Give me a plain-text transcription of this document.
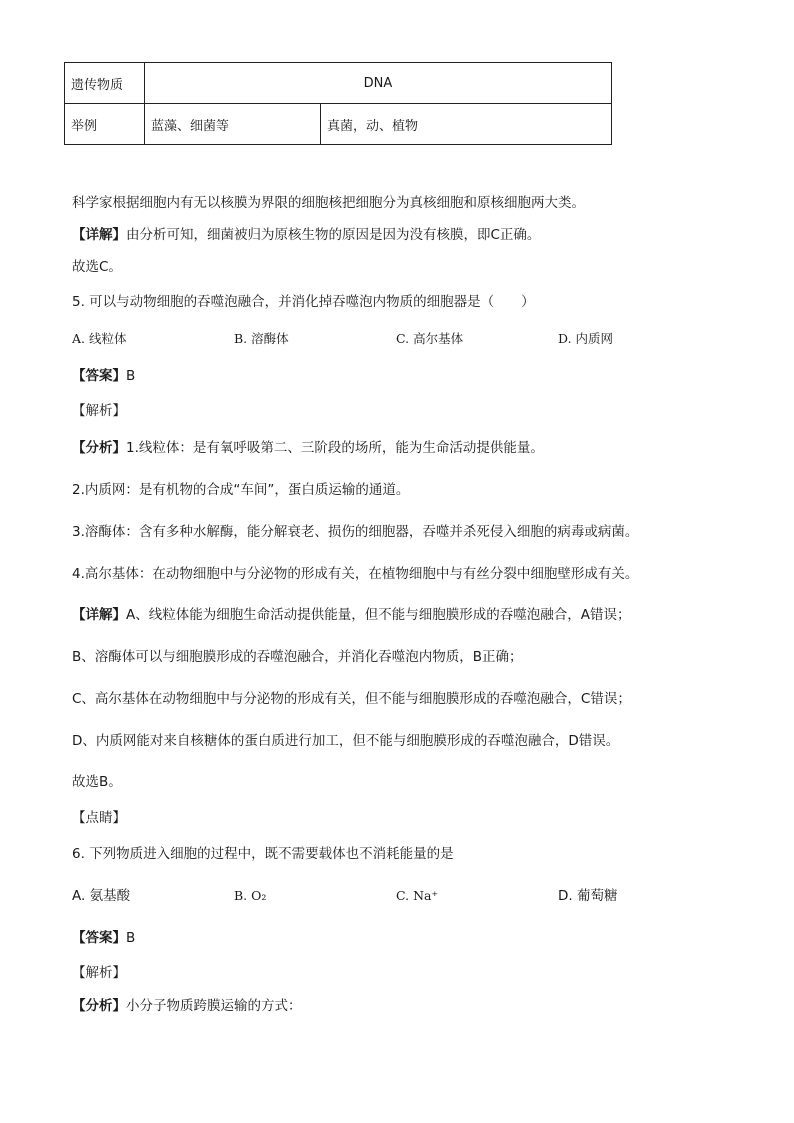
遗传物质	DNA	
举例	蓝藻、细菌等	真菌，动、植物
科学家根据细胞内有无以核膜为界限的细胞核把细胞分为真核细胞和原核细胞两大类。
【详解】由分析可知，细菌被归为原核生物的原因是因为没有核膜，即C正确。
故选C。
5. 可以与动物细胞的吞噬泡融合，并消化掉吞噬泡内物质的细胞器是（　　）
A. 线粒体	B. 溶酶体	C. 高尔基体	D. 内质网
【答案】B
【解析】
【分析】1.线粒体：是有氧呼吸第二、三阶段的场所，能为生命活动提供能量。
2.内质网：是有机物的合成“车间”，蛋白质运输的通道。
3.溶酶体：含有多种水解酶，能分解衰老、损伤的细胞器，吞噬并杀死侵入细胞的病毒或病菌。
4.高尔基体：在动物细胞中与分泌物的形成有关，在植物细胞中与有丝分裂中细胞壁形成有关。
【详解】A、线粒体能为细胞生命活动提供能量，但不能与细胞膜形成的吞噬泡融合，A错误；
B、溶酶体可以与细胞膜形成的吞噬泡融合，并消化吞噬泡内物质，B正确；
C、高尔基体在动物细胞中与分泌物的形成有关，但不能与细胞膜形成的吞噬泡融合，C错误；
D、内质网能对来自核糖体的蛋白质进行加工，但不能与细胞膜形成的吞噬泡融合，D错误。
故选B。
【点睛】
6. 下列物质进入细胞的过程中，既不需要载体也不消耗能量的是
A. 氨基酸	B. O₂	C. Na⁺	D. 葡萄糖
【答案】B
【解析】
【分析】小分子物质跨膜运输的方式：
